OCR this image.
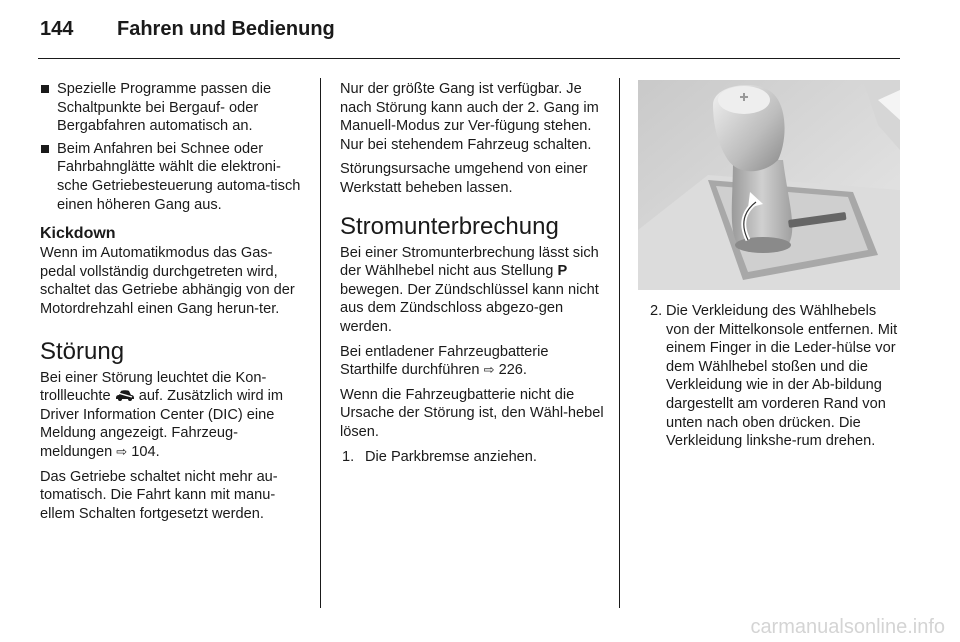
144 Fahren und Bedienung
Spezielle Programme passen die Schaltpunkte bei Bergauf- oder Bergabfahren automatisch an.
Beim Anfahren bei Schnee oder Fahrbahnglätte wählt die elektroni-sche Getriebesteuerung automa-tisch einen höheren Gang aus.
Kickdown

Wenn im Automatikmodus das Gas-pedal vollständig durchgetreten wird, schaltet das Getriebe abhängig von der Motordrehzahl einen Gang herun-ter.

Störung

Bei einer Störung leuchtet die Kon-trollleuchte auf. Zusätzlich wird im Driver Information Center (DIC) eine Meldung angezeigt. Fahrzeug-meldungen ⇨ 104.

Das Getriebe schaltet nicht mehr au-tomatisch. Die Fahrt kann mit manu-ellem Schalten fortgesetzt werden.

Nur der größte Gang ist verfügbar. Je nach Störung kann auch der 2. Gang im Manuell-Modus zur Ver-fügung stehen. Nur bei stehendem Fahrzeug schalten.

Störungsursache umgehend von einer Werkstatt beheben lassen.

Stromunterbrechung

Bei einer Stromunterbrechung lässt sich der Wählhebel nicht aus Stellung P bewegen. Der Zündschlüssel kann nicht aus dem Zündschloss abgezo-gen werden.

Bei entladener Fahrzeugbatterie Starthilfe durchführen ⇨ 226.

Wenn die Fahrzeugbatterie nicht die Ursache der Störung ist, den Wähl-hebel lösen.

1. Die Parkbremse anziehen.
2. Die Verkleidung des Wählhebels von der Mittelkonsole entfernen. Mit einem Finger in die Leder-hülse vor dem Wählhebel stoßen und die Verkleidung wie in der Ab-bildung dargestellt am vorderen Rand von unten nach oben drücken. Die Verkleidung linkshe-rum drehen.
carmanualsonline.info
